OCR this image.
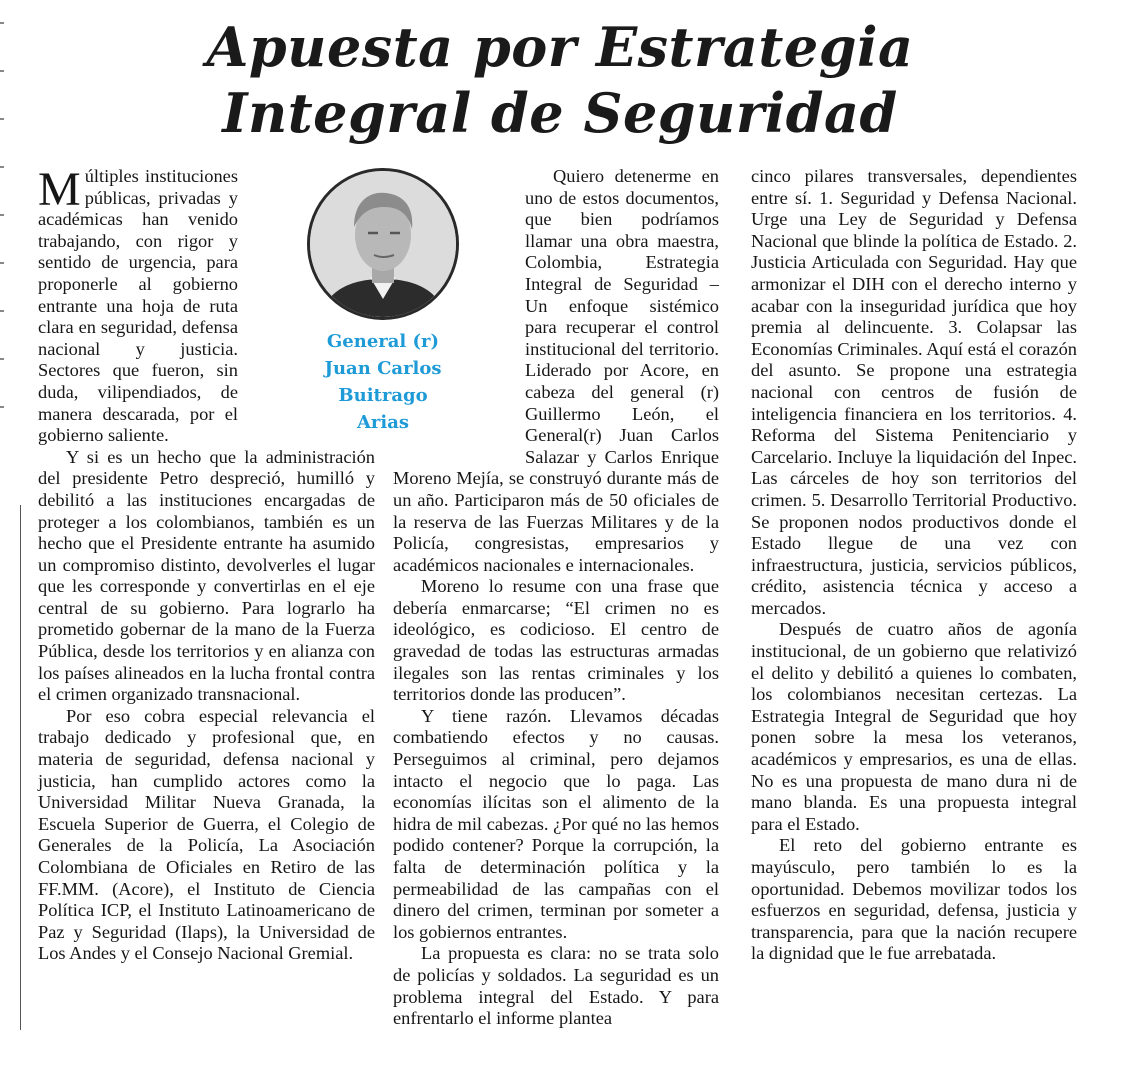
Apuesta por Estrategia
Integral de Seguridad

Múltiples instituciones públicas, privadas y académicas han venido trabajando, con rigor y sentido de urgencia, para proponerle al gobierno entrante una hoja de ruta clara en seguridad, defensa nacional y justicia. Sectores que fueron, sin duda, vilipendiados, de manera descarada, por el gobierno saliente.

Y si es un hecho que la administración del presidente Petro despreció, humilló y debilitó a las instituciones encargadas de proteger a los colombianos, también es un hecho que el Presidente entrante ha asumido un compromiso distinto, devolverles el lugar que les corresponde y convertirlas en el eje central de su gobierno. Para lograrlo ha prometido gobernar de la mano de la Fuerza Pública, desde los territorios y en alianza con los países alineados en la lucha frontal contra el crimen organizado transnacional.

Por eso cobra especial relevancia el trabajo dedicado y profesional que, en materia de seguridad, defensa nacional y justicia, han cumplido actores como la Universidad Militar Nueva Granada, la Escuela Superior de Guerra, el Colegio de Generales de la Policía, La Asociación Colombiana de Oficiales en Retiro de las FF.MM. (Acore), el Instituto de Ciencia Política ICP, el Instituto Latinoamericano de Paz y Seguridad (Ilaps), la Universidad de Los Andes y el Consejo Nacional Gremial.

Quiero detenerme en uno de estos documentos, que bien podríamos llamar una obra maestra, Colombia, Estrategia Integral de Seguridad – Un enfoque sistémico para recuperar el control institucional del territorio. Liderado por Acore, en cabeza del general (r) Guillermo León, el General(r) Juan Carlos Salazar y Carlos Enrique Moreno Mejía, se construyó durante más de un año. Participaron más de 50 oficiales de la reserva de las Fuerzas Militares y de la Policía, congresistas, empresarios y académicos nacionales e internacionales.

Moreno lo resume con una frase que debería enmarcarse; “El crimen no es ideológico, es codicioso. El centro de gravedad de todas las estructuras armadas ilegales son las rentas criminales y los territorios donde las producen”.

Y tiene razón. Llevamos décadas combatiendo efectos y no causas. Perseguimos al criminal, pero dejamos intacto el negocio que lo paga. Las economías ilícitas son el alimento de la hidra de mil cabezas. ¿Por qué no las hemos podido contener? Porque la corrupción, la falta de determinación política y la permeabilidad de las campañas con el dinero del crimen, terminan por someter a los gobiernos entrantes.

La propuesta es clara: no se trata solo de policías y soldados. La seguridad es un problema integral del Estado. Y para enfrentarlo el informe plantea

cinco pilares transversales, dependientes entre sí. 1. Seguridad y Defensa Nacional. Urge una Ley de Seguridad y Defensa Nacional que blinde la política de Estado. 2. Justicia Articulada con Seguridad. Hay que armonizar el DIH con el derecho interno y acabar con la inseguridad jurídica que hoy premia al delincuente. 3. Colapsar las Economías Criminales. Aquí está el corazón del asunto. Se propone una estrategia nacional con centros de fusión de inteligencia financiera en los territorios. 4. Reforma del Sistema Penitenciario y Carcelario. Incluye la liquidación del Inpec. Las cárceles de hoy son territorios del crimen. 5. Desarrollo Territorial Productivo. Se proponen nodos productivos donde el Estado llegue de una vez con infraestructura, justicia, servicios públicos, crédito, asistencia técnica y acceso a mercados.

Después de cuatro años de agonía institucional, de un gobierno que relativizó el delito y debilitó a quienes lo combaten, los colombianos necesitan certezas. La Estrategia Integral de Seguridad que hoy ponen sobre la mesa los veteranos, académicos y empresarios, es una de ellas. No es una propuesta de mano dura ni de mano blanda. Es una propuesta integral para el Estado.

El reto del gobierno entrante es mayúsculo, pero también lo es la oportunidad. Debemos movilizar todos los esfuerzos en seguridad, defensa, justicia y transparencia, para que la nación recupere la dignidad que le fue arrebatada.

General (r)
Juan Carlos
Buitrago
Arias
